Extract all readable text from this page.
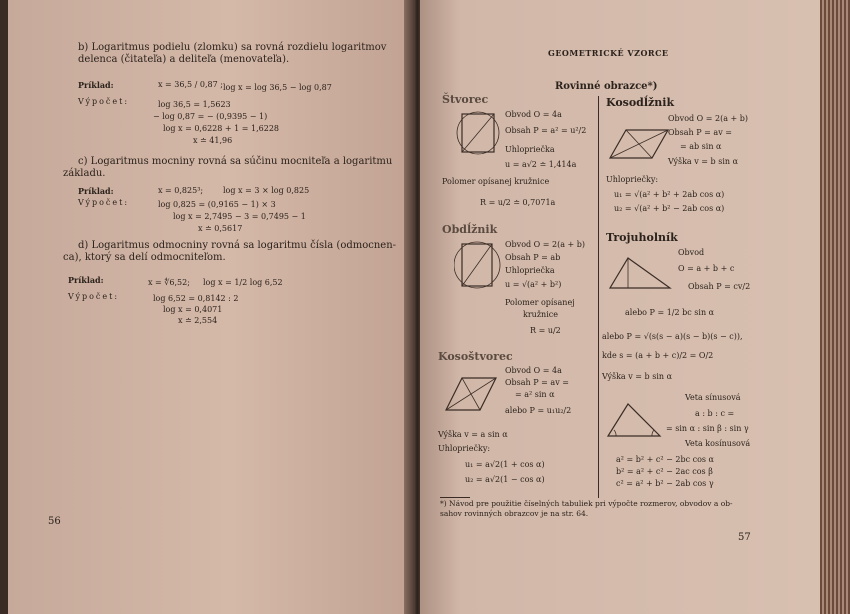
b) Logaritmus podielu (zlomku) sa rovná rozdielu logaritmov
delenca (čitateľa) a deliteľa (menovateľa).
Príklad:	x = 36,5 / 0,87 ; log x = log 36,5 − log 0,87
Výpočet:	log 36,5 = 1,5623
− log 0,87 = − (0,9395 − 1)
log x = 0,6228 + 1 = 1,6228
x ≐ 41,96
c) Logaritmus mocniny rovná sa súčinu mocniteľa a logaritmu
základu.
Príklad:	x = 0,825³; log x = 3 × log 0,825
Výpočet:	log 0,825 = (0,9165 − 1) × 3
log x = 2,7495 − 3 = 0,7495 − 1
x ≐ 0,5617
d) Logaritmus odmocniny rovná sa logaritmu čísla (odmocnen-
ca), ktorý sa delí odmocniteľom.
Príklad:	x = ∜6,52; log x = 1/2 log 6,52
Výpočet:	log 6,52 = 0,8142 : 2
log x = 0,4071
x ≐ 2,554
56
GEOMETRICKÉ VZORCE
Rovinné obrazce*)
Štvorec
Obvod O = 4a
Obsah P = a² = u²/2
Uhlopriečka
u = a√2 ≐ 1,414a
Polomer opísanej kružnice
R = u/2 ≐ 0,7071a
Obdĺžnik
Obvod O = 2(a + b)
Obsah P = ab
Uhlopriečka
u = √(a² + b²)
Polomer opísanej
kružnice
R = u/2
Kosoštvorec
Obvod O = 4a
Obsah P = av =
= a² sin α
alebo P = u₁u₂/2
Výška v = a sin α
Uhlopriečky:
u₁ = a√2(1 + cos α)
u₂ = a√2(1 − cos α)
Kosodĺžnik
Obvod O = 2(a + b)
Obsah P = av =
= ab sin α
Výška v = b sin α
Uhlopriečky:
u₁ = √(a² + b² + 2ab cos α)
u₂ = √(a² + b² − 2ab cos α)
Trojuholník
Obvod
O = a + b + c
Obsah P = cv/2
alebo P = 1/2 bc sin α
alebo P = √(s(s − a)(s − b)(s − c)),
kde s = (a + b + c)/2 = O/2
Výška v = b sin α
Veta sínusová
a : b : c =
= sin α : sin β : sin γ
Veta kosínusová
a² = b² + c² − 2bc cos α
b² = a² + c² − 2ac cos β
c² = a² + b² − 2ab cos γ
*) Návod pre použitie číselných tabuliek pri výpočte rozmerov, obvodov a ob-
sahov rovinných obrazcov je na str. 64.
57
